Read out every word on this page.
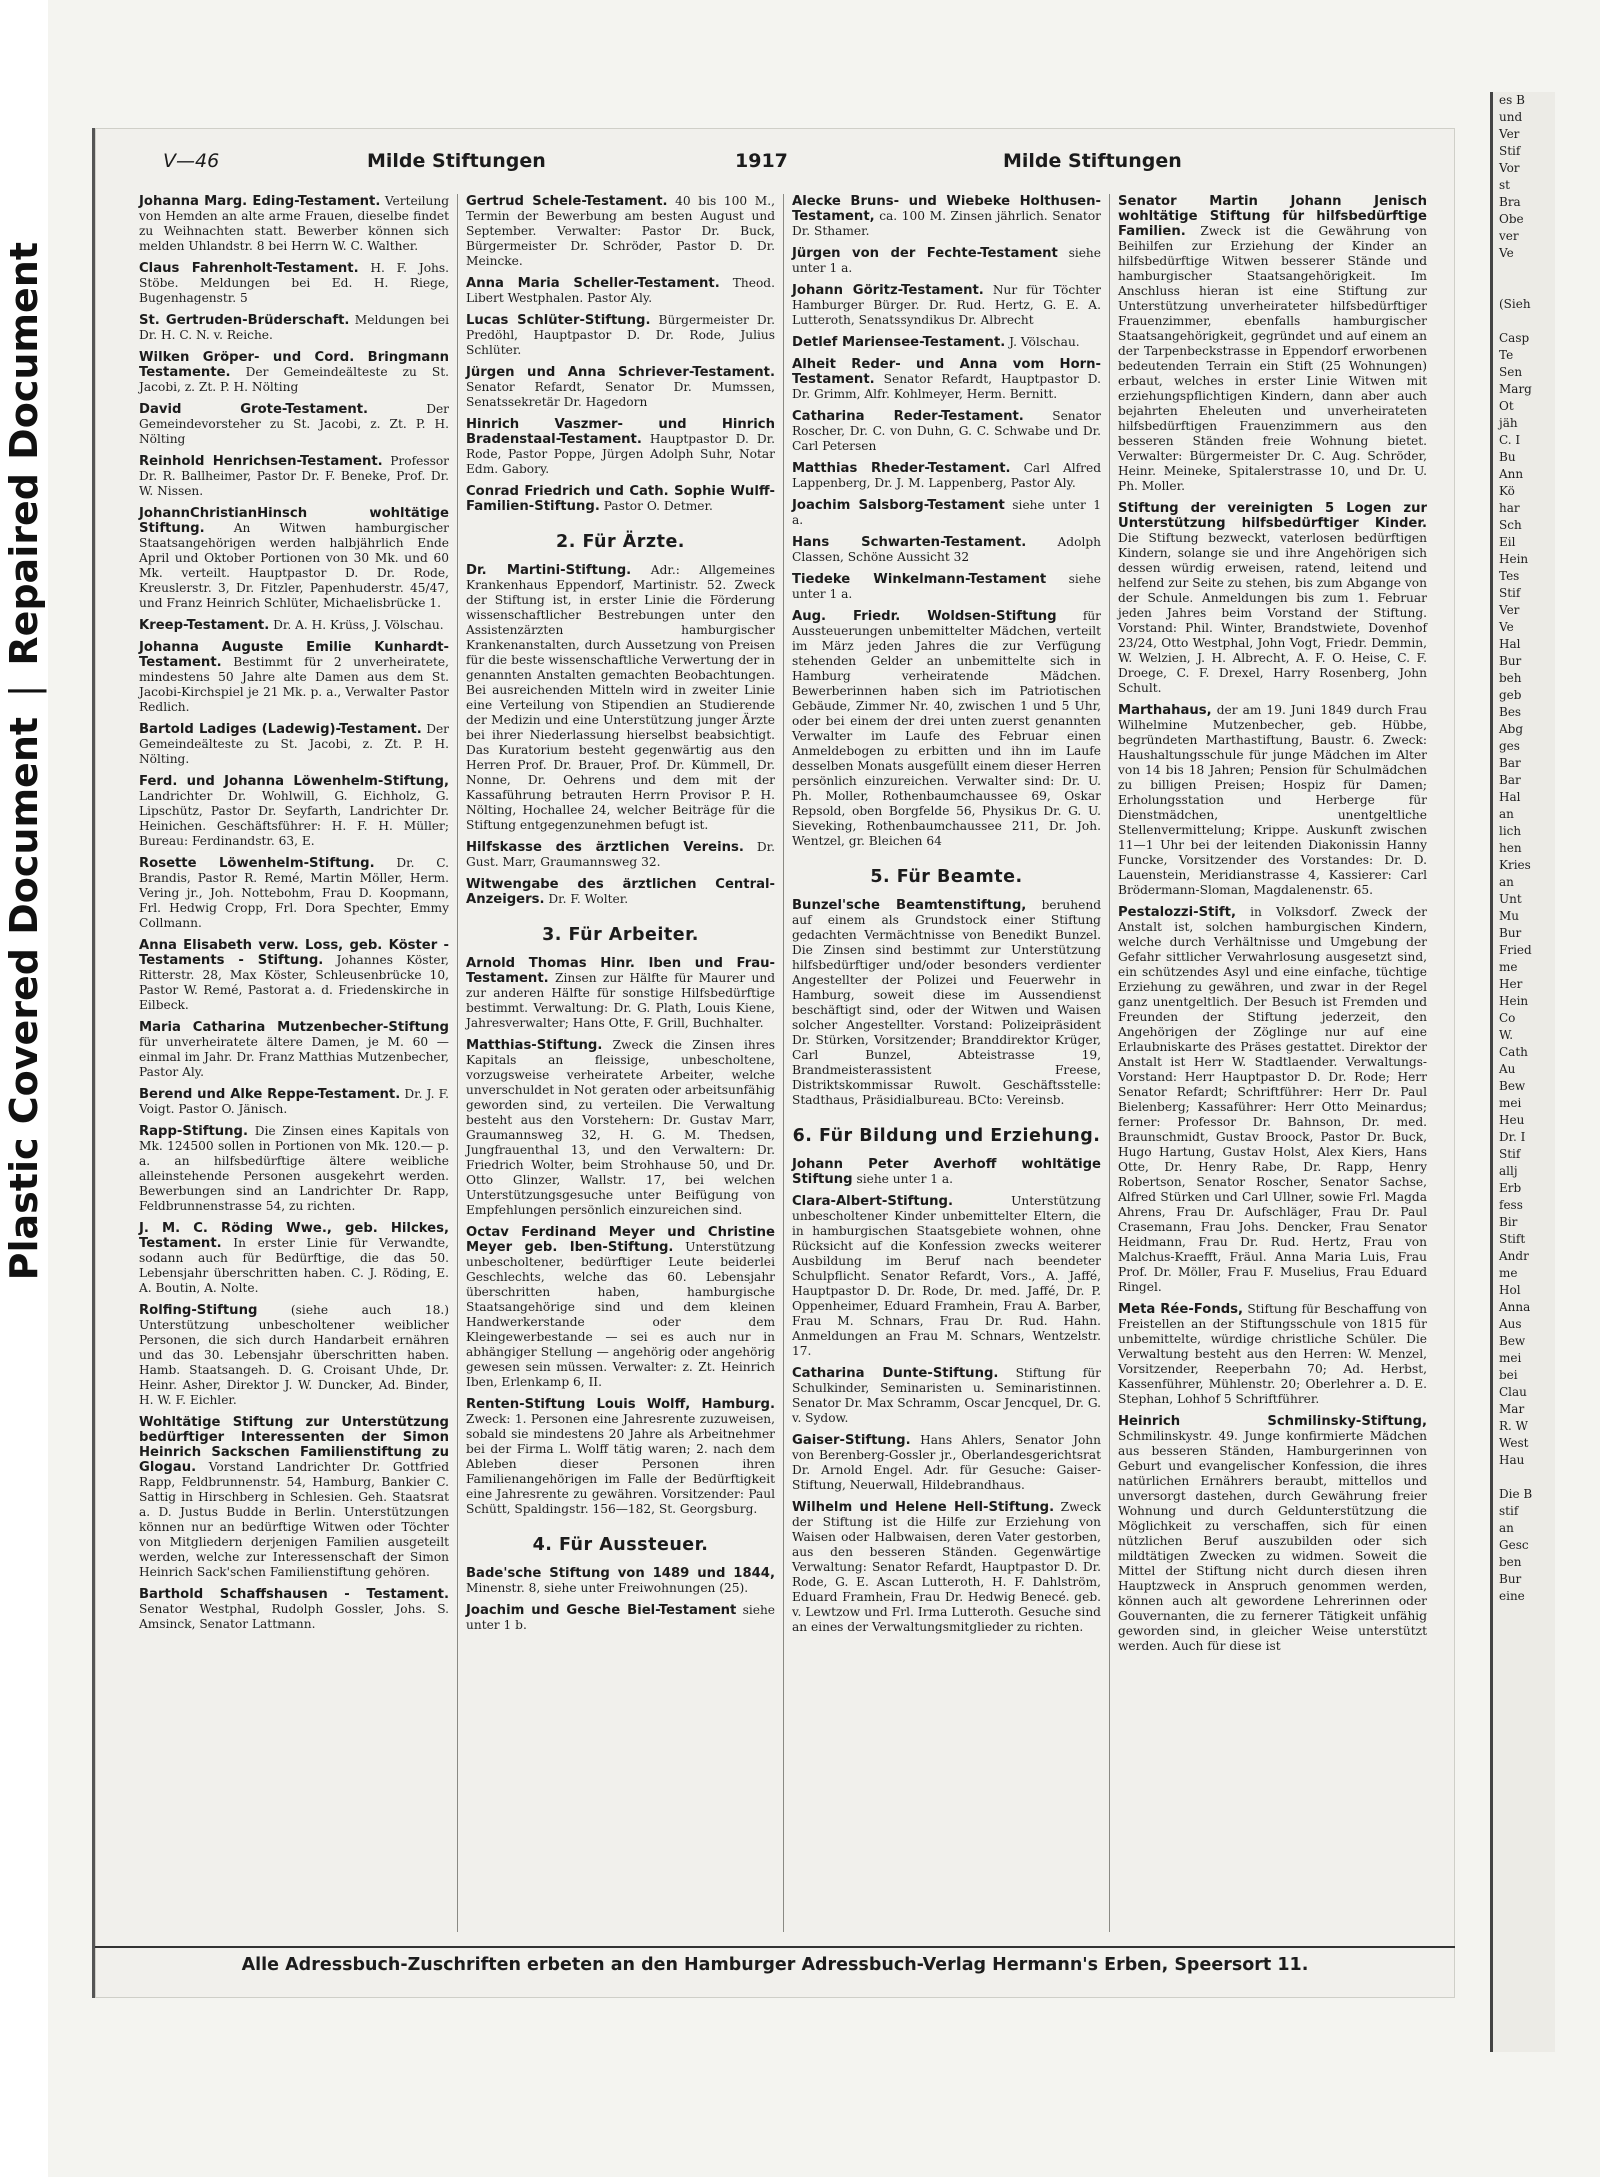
Plastic Covered Document | Repaired Document
V—46	Milde Stiftungen	1917	Milde Stiftungen
Johanna Marg. Eding-Testament. Verteilung von Hemden an alte arme Frauen, dieselbe findet zu Weihnachten statt. Bewerber können sich melden Uhlandstr. 8 bei Herrn W. C. Walther.
Claus Fahrenholt-Testament. H. F. Johs. Stöbe. Meldungen bei Ed. H. Riege, Bugenhagenstr. 5
St. Gertruden-Brüderschaft. Meldungen bei Dr. H. C. N. v. Reiche.
Wilken Gröper- und Cord. Bringmann Testamente. Der Gemeindeälteste zu St. Jacobi, z. Zt. P. H. Nölting
David Grote-Testament.	Der Gemeindevorsteher zu St. Jacobi, z. Zt. P. H. Nölting
Reinhold Henrichsen-Testament. Professor Dr. R. Ballheimer, Pastor Dr. F. Beneke, Prof. Dr. W. Nissen.
JohannChristianHinsch wohltätige Stiftung. An Witwen hamburgischer Staatsangehörigen werden halbjährlich Ende April und Oktober Portionen von 30 Mk. und 60 Mk. verteilt. Hauptpastor D. Dr. Rode, Kreuslerstr. 3, Dr. Fitzler, Papenhuderstr. 45/47, und Franz Heinrich Schlüter, Michaelisbrücke 1.
Kreep-Testament. Dr. A. H. Krüss, J. Völschau.
Johanna Auguste Emilie Kunhardt-Testament. Bestimmt für 2 unverheiratete, mindestens 50 Jahre alte Damen aus dem St. Jacobi-Kirchspiel je 21 Mk. p. a., Verwalter Pastor Redlich.
Bartold Ladiges (Ladewig)-Testament. Der Gemeindeälteste zu St. Jacobi, z. Zt. P. H. Nölting.
Ferd. und Johanna Löwenhelm-Stiftung, Landrichter Dr. Wohlwill, G. Eichholz, G. Lipschütz, Pastor Dr. Seyfarth, Landrichter Dr. Heinichen. Geschäftsführer: H. F. H. Müller; Bureau: Ferdinandstr. 63, E.
Rosette Löwenhelm-Stiftung. Dr. C. Brandis, Pastor R. Remé, Martin Möller, Herm. Vering jr., Joh. Nottebohm, Frau D. Koopmann, Frl. Hedwig Cropp, Frl. Dora Spechter, Emmy Collmann.
Anna Elisabeth verw. Loss, geb. Köster - Testaments - Stiftung. Johannes Köster, Ritterstr. 28, Max Köster, Schleusenbrücke 10, Pastor W. Remé, Pastorat a. d. Friedenskirche in Eilbeck.
Maria Catharina Mutzenbecher-Stiftung für unverheiratete ältere Damen, je M. 60 — einmal im Jahr. Dr. Franz Matthias Mutzenbecher, Pastor Aly.
Berend und Alke Reppe-Testament. Dr. J. F. Voigt. Pastor O. Jänisch.
Rapp-Stiftung. Die Zinsen eines Kapitals von Mk. 124500 sollen in Portionen von Mk. 120.— p. a. an hilfsbedürftige ältere weibliche alleinstehende Personen ausgekehrt werden. Bewerbungen sind an Landrichter Dr. Rapp, Feldbrunnenstrasse 54, zu richten.
J. M. C. Röding Wwe., geb. Hilckes, Testament. In erster Linie für Verwandte, sodann auch für Bedürftige, die das 50. Lebensjahr überschritten haben. C. J. Röding, E. A. Boutin, A. Nolte.
Rolfing-Stiftung	(siehe auch 18.) Unterstützung unbescholtener weiblicher Personen, die sich durch Handarbeit ernähren und das 30. Lebensjahr überschritten haben. Hamb. Staatsangeh. D. G. Croisant Uhde, Dr. Heinr. Asher, Direktor J. W. Duncker, Ad. Binder, H. W. F. Eichler.
Wohltätige Stiftung zur Unterstützung bedürftiger Interessenten der Simon Heinrich Sackschen Familienstiftung zu Glogau. Vorstand Landrichter Dr. Gottfried Rapp, Feldbrunnenstr. 54, Hamburg, Bankier C. Sattig in Hirschberg in Schlesien. Geh. Staatsrat a. D. Justus Budde in Berlin. Unterstützungen können nur an bedürftige Witwen oder Töchter von Mitgliedern derjenigen Familien ausgeteilt werden, welche zur Interessenschaft der Simon Heinrich Sack'schen Familienstiftung gehören.
Barthold Schaffshausen - Testament. Senator Westphal, Rudolph Gossler, Johs. S. Amsinck, Senator Lattmann.
Gertrud Schele-Testament. 40 bis 100 M., Termin der Bewerbung am besten August und September. Verwalter: Pastor Dr. Buck, Bürgermeister Dr. Schröder, Pastor D. Dr. Meincke.
Anna Maria Scheller-Testament. Theod. Libert Westphalen. Pastor Aly.
Lucas Schlüter-Stiftung. Bürgermeister Dr. Predöhl, Hauptpastor D. Dr. Rode, Julius Schlüter.
Jürgen und Anna Schriever-Testament. Senator Refardt, Senator Dr. Mumssen, Senatssekretär Dr. Hagedorn
Hinrich Vaszmer- und Hinrich Bradenstaal-Testament. Hauptpastor D. Dr. Rode, Pastor Poppe, Jürgen Adolph Suhr, Notar Edm. Gabory.
Conrad Friedrich und Cath. Sophie Wulff-Familien-Stiftung. Pastor O. Detmer.
2. Für Ärzte.
Dr. Martini-Stiftung. Adr.: Allgemeines Krankenhaus Eppendorf, Martinistr. 52. Zweck der Stiftung ist, in erster Linie die Förderung wissenschaftlicher Bestrebungen unter den Assistenzärzten hamburgischer Krankenanstalten, durch Aussetzung von Preisen für die beste wissenschaftliche Verwertung der in genannten Anstalten gemachten Beobachtungen. Bei ausreichenden Mitteln wird in zweiter Linie eine Verteilung von Stipendien an Studierende der Medizin und eine Unterstützung junger Ärzte bei ihrer Niederlassung hierselbst beabsichtigt. Das Kuratorium besteht gegenwärtig aus den Herren Prof. Dr. Brauer, Prof. Dr. Kümmell, Dr. Nonne, Dr. Oehrens und dem mit der Kassaführung betrauten Herrn Provisor P. H. Nölting, Hochallee 24, welcher Beiträge für die Stiftung entgegenzunehmen befugt ist.
Hilfskasse des ärztlichen Vereins. Dr. Gust. Marr, Graumannsweg 32.
Witwengabe des ärztlichen Central-Anzeigers. Dr. F. Wolter.
3. Für Arbeiter.
Arnold Thomas Hinr. Iben und Frau-Testament. Zinsen zur Hälfte für Maurer und zur anderen Hälfte für sonstige Hilfsbedürftige bestimmt. Verwaltung: Dr. G. Plath, Louis Kiene, Jahresverwalter; Hans Otte, F. Grill, Buchhalter.
Matthias-Stiftung. Zweck die Zinsen ihres Kapitals an fleissige, unbescholtene, vorzugsweise verheiratete Arbeiter, welche unverschuldet in Not geraten oder arbeitsunfähig geworden sind, zu verteilen. Die Verwaltung besteht aus den Vorstehern: Dr. Gustav Marr, Graumannsweg 32, H. G. M. Thedsen, Jungfrauenthal 13, und den Verwaltern: Dr. Friedrich Wolter, beim Strohhause 50, und Dr. Otto Glinzer, Wallstr. 17, bei welchen Unterstützungsgesuche unter Beifügung von Empfehlungen persönlich einzureichen sind.
Octav Ferdinand Meyer und Christine Meyer geb. Iben-Stiftung. Unterstützung unbescholtener, bedürftiger Leute beiderlei Geschlechts, welche das 60. Lebensjahr überschritten haben, hamburgische Staatsangehörige sind und dem kleinen Handwerkerstande oder dem Kleingewerbestande — sei es auch nur in abhängiger Stellung — angehörig oder angehörig gewesen sein müssen. Verwalter: z. Zt. Heinrich Iben, Erlenkamp 6, II.
Renten-Stiftung Louis Wolff, Hamburg. Zweck: 1. Personen eine Jahresrente zuzuweisen, sobald sie mindestens 20 Jahre als Arbeitnehmer bei der Firma L. Wolff tätig waren; 2. nach dem Ableben dieser Personen ihren Familienangehörigen im Falle der Bedürftigkeit eine Jahresrente zu gewähren. Vorsitzender: Paul Schütt, Spaldingstr. 156—182, St. Georgsburg.
4. Für Aussteuer.
Bade'sche Stiftung von 1489 und 1844, Minenstr. 8, siehe unter Freiwohnungen (25).
Joachim und Gesche Biel-Testament siehe unter 1 b.
Alecke Bruns- und Wiebeke Holthusen-Testament, ca. 100 M. Zinsen jährlich. Senator Dr. Sthamer.
Jürgen von der Fechte-Testament siehe unter 1 a.
Johann Göritz-Testament. Nur für Töchter Hamburger Bürger. Dr. Rud. Hertz, G. E. A. Lutteroth, Senatssyndikus Dr. Albrecht
Detlef Mariensee-Testament. J. Völschau.
Alheit Reder- und Anna vom Horn-Testament. Senator Refardt, Hauptpastor D. Dr. Grimm, Alfr. Kohlmeyer, Herm. Bernitt.
Catharina Reder-Testament. Senator Roscher, Dr. C. von Duhn, G. C. Schwabe und Dr. Carl Petersen
Matthias Rheder-Testament. Carl Alfred Lappenberg, Dr. J. M. Lappenberg, Pastor Aly.
Joachim Salsborg-Testament siehe unter 1 a.
Hans Schwarten-Testament.	Adolph Classen, Schöne Aussicht 32
Tiedeke Winkelmann-Testament siehe unter 1 a.
Aug. Friedr. Woldsen-Stiftung für Aussteuerungen unbemittelter Mädchen, verteilt im März jeden Jahres die zur Verfügung stehenden Gelder an unbemittelte sich in Hamburg verheiratende Mädchen. Bewerberinnen haben sich im Patriotischen Gebäude, Zimmer Nr. 40, zwischen 1 und 5 Uhr, oder bei einem der drei unten zuerst genannten Verwalter im Laufe des Februar einen Anmeldebogen zu erbitten und ihn im Laufe desselben Monats ausgefüllt einem dieser Herren persönlich einzureichen. Verwalter sind: Dr. U. Ph. Moller, Rothenbaumchaussee 69, Oskar Repsold, oben Borgfelde 56, Physikus Dr. G. U. Sieveking, Rothenbaumchaussee 211, Dr. Joh. Wentzel, gr. Bleichen 64
5. Für Beamte.
Bunzel'sche Beamtenstiftung, beruhend auf einem als Grundstock einer Stiftung gedachten Vermächtnisse von Benedikt Bunzel. Die Zinsen sind bestimmt zur Unterstützung hilfsbedürftiger und/oder besonders verdienter Angestellter der Polizei und Feuerwehr in Hamburg, soweit diese im Aussendienst beschäftigt sind, oder der Witwen und Waisen solcher Angestellter. Vorstand: Polizeipräsident Dr. Stürken, Vorsitzender; Branddirektor Krüger, Carl Bunzel, Abteistrasse 19, Brandmeisterassistent Freese, Distriktskommissar Ruwolt. Geschäftsstelle: Stadthaus, Präsidialbureau. BCto: Vereinsb.
6. Für Bildung und Erziehung.
Johann Peter Averhoff wohltätige Stiftung siehe unter 1 a.
Clara-Albert-Stiftung.	Unterstützung unbescholtener Kinder unbemittelter Eltern, die in hamburgischen Staatsgebiete wohnen, ohne Rücksicht auf die Konfession zwecks weiterer Ausbildung im Beruf nach beendeter Schulpflicht. Senator Refardt, Vors., A. Jaffé, Hauptpastor D. Dr. Rode, Dr. med. Jaffé, Dr. P. Oppenheimer, Eduard Framhein, Frau A. Barber, Frau M. Schnars, Frau Dr. Rud. Hahn. Anmeldungen an Frau M. Schnars, Wentzelstr. 17.
Catharina Dunte-Stiftung. Stiftung für Schulkinder, Seminaristen u. Seminaristinnen. Senator Dr. Max Schramm, Oscar Jencquel, Dr. G. v. Sydow.
Gaiser-Stiftung. Hans Ahlers, Senator John von Berenberg-Gossler jr., Oberlandesgerichtsrat Dr. Arnold Engel. Adr. für Gesuche: Gaiser-Stiftung, Neuerwall, Hildebrandhaus.
Wilhelm und Helene Hell-Stiftung. Zweck der Stiftung ist die Hilfe zur Erziehung von Waisen oder Halbwaisen, deren Vater gestorben, aus den besseren Ständen. Gegenwärtige Verwaltung: Senator Refardt, Hauptpastor D. Dr. Rode, G. E. Ascan Lutteroth, H. F. Dahlström, Eduard Framhein, Frau Dr. Hedwig Benecé. geb. v. Lewtzow und Frl. Irma Lutteroth. Gesuche sind an eines der Verwaltungsmitglieder zu richten.
Senator Martin Johann Jenisch wohltätige Stiftung für hilfsbedürftige Familien. Zweck ist die Gewährung von Beihilfen zur Erziehung der Kinder an hilfsbedürftige Witwen besserer Stände und hamburgischer Staatsangehörigkeit. Im Anschluss hieran ist eine Stiftung zur Unterstützung unverheirateter hilfsbedürftiger Frauenzimmer, ebenfalls hamburgischer Staatsangehörigkeit, gegründet und auf einem an der Tarpenbeckstrasse in Eppendorf erworbenen bedeutenden Terrain ein Stift (25 Wohnungen) erbaut, welches in erster Linie Witwen mit erziehungspflichtigen Kindern, dann aber auch bejahrten Eheleuten und unverheirateten hilfsbedürftigen Frauenzimmern aus den besseren Ständen freie Wohnung bietet. Verwalter: Bürgermeister Dr. C. Aug. Schröder, Heinr. Meineke, Spitalerstrasse 10, und Dr. U. Ph. Moller.
Stiftung der vereinigten 5 Logen zur Unterstützung hilfsbedürftiger Kinder. Die Stiftung bezweckt, vaterlosen bedürftigen Kindern, solange sie und ihre Angehörigen sich dessen würdig erweisen, ratend, leitend und helfend zur Seite zu stehen, bis zum Abgange von der Schule. Anmeldungen bis zum 1. Februar jeden Jahres beim Vorstand der Stiftung. Vorstand: Phil. Winter, Brandstwiete, Dovenhof 23/24, Otto Westphal, John Vogt, Friedr. Demmin, W. Welzien, J. H. Albrecht, A. F. O. Heise, C. F. Droege, C. F. Drexel, Harry Rosenberg, John Schult.
Marthahaus, der am 19. Juni 1849 durch Frau Wilhelmine Mutzenbecher, geb. Hübbe, begründeten Marthastiftung, Baustr. 6. Zweck: Haushaltungsschule für junge Mädchen im Alter von 14 bis 18 Jahren; Pension für Schulmädchen zu billigen Preisen; Hospiz für Damen; Erholungsstation und Herberge für Dienstmädchen, unentgeltliche Stellenvermittelung; Krippe. Auskunft zwischen 11—1 Uhr bei der leitenden Diakonissin Hanny Funcke, Vorsitzender des Vorstandes: Dr. D. Lauenstein, Meridianstrasse 4, Kassierer: Carl Brödermann-Sloman, Magdalenenstr. 65.
Pestalozzi-Stift, in Volksdorf. Zweck der Anstalt ist, solchen hamburgischen Kindern, welche durch Verhältnisse und Umgebung der Gefahr sittlicher Verwahrlosung ausgesetzt sind, ein schützendes Asyl und eine einfache, tüchtige Erziehung zu gewähren, und zwar in der Regel ganz unentgeltlich. Der Besuch ist Fremden und Freunden der Stiftung jederzeit, den Angehörigen der Zöglinge nur auf eine Erlaubniskarte des Präses gestattet. Direktor der Anstalt ist Herr W. Stadtlaender. Verwaltungs-Vorstand: Herr Hauptpastor D. Dr. Rode; Herr Senator Refardt; Schriftführer: Herr Dr. Paul Bielenberg; Kassaführer: Herr Otto Meinardus; ferner: Professor Dr. Bahnson, Dr. med. Braunschmidt, Gustav Broock, Pastor Dr. Buck, Hugo Hartung, Gustav Holst, Alex Kiers, Hans Otte, Dr. Henry Rabe, Dr. Rapp, Henry Robertson, Senator Roscher, Senator Sachse, Alfred Stürken und Carl Ullner, sowie Frl. Magda Ahrens, Frau Dr. Aufschläger, Frau Dr. Paul Crasemann, Frau Johs. Dencker, Frau Senator Heidmann, Frau Dr. Rud. Hertz, Frau von Malchus-Kraefft, Fräul. Anna Maria Luis, Frau Prof. Dr. Möller, Frau F. Muselius, Frau Eduard Ringel.
Meta Rée-Fonds, Stiftung für Beschaffung von Freistellen an der Stiftungsschule von 1815 für unbemittelte, würdige christliche Schüler. Die Verwaltung besteht aus den Herren: W. Menzel, Vorsitzender, Reeperbahn 70; Ad. Herbst, Kassenführer, Mühlenstr. 20; Oberlehrer a. D. E. Stephan, Lohhof 5 Schriftführer.
Heinrich Schmilinsky-Stiftung, Schmilinskystr. 49. Junge konfirmierte Mädchen aus besseren Ständen, Hamburgerinnen von Geburt und evangelischer Konfession, die ihres natürlichen Ernährers beraubt, mittellos und unversorgt dastehen, durch Gewährung freier Wohnung und durch Geldunterstützung die Möglichkeit zu verschaffen, sich für einen nützlichen Beruf auszubilden oder sich mildtätigen Zwecken zu widmen. Soweit die Mittel der Stiftung nicht durch diesen ihren Hauptzweck in Anspruch genommen werden, können auch alt gewordene Lehrerinnen oder Gouvernanten, die zu fernerer Tätigkeit unfähig geworden sind, in gleicher Weise unterstützt werden. Auch für diese ist
Alle Adressbuch-Zuschriften erbeten an den Hamburger Adressbuch-Verlag Hermann's Erben, Speersort 11.
es B
und
Ver
Stif
Vor
st
Bra
Obe
ver
Ve

(Sieh

Casp
Te
Sen
Marg
Ot
jäh
C. I
Bu
Ann
Kö
har
Sch
Eil
Hein
Tes
Stif
Ver
Ve
Hal
Bur
beh
geb
Bes
Abg
ges
Bar
Bar
Hal
an
lich
hen
Kries
an
Unt
Mu
Bur
Fried
me
Her
Hein
Co
W.
Cath
Au
Bew
mei
Heu
Dr. I
Stif
allj
Erb
fess
Bir
Stift
Andr
me
Hol
Anna
Aus
Bew
mei
bei
Clau
Mar
R. W
West
Hau

Die B
stif
an
Gesc
ben
Bur
eine
